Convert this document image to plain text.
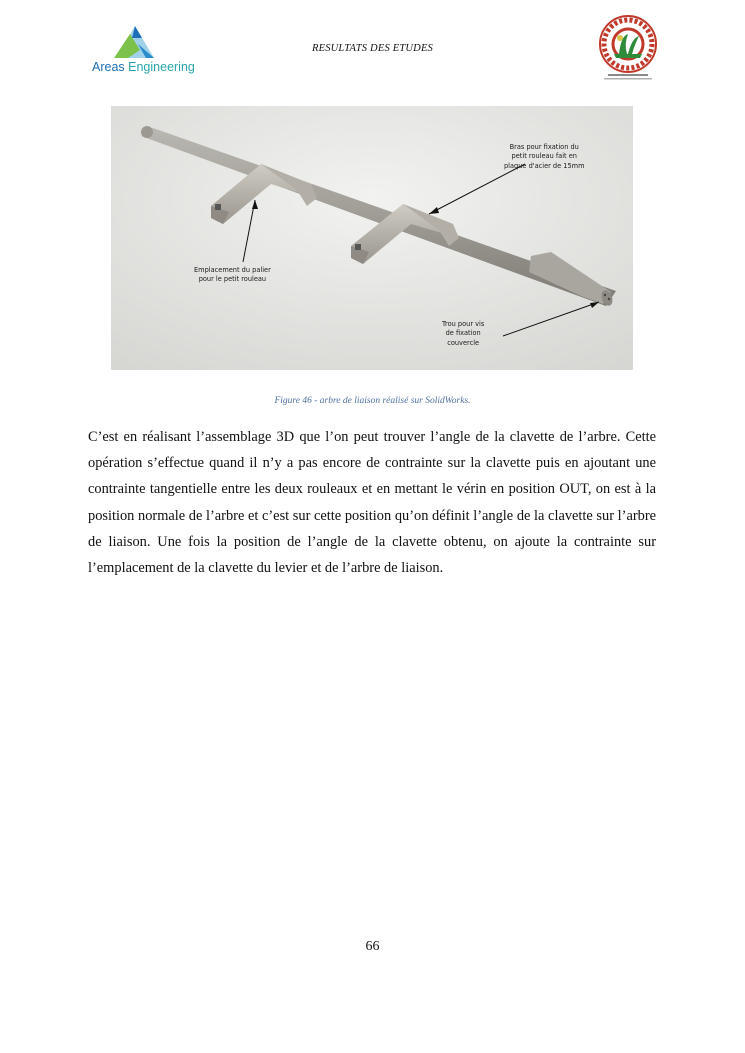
Areas Engineering
RESULTATS DES ETUDES
Bras pour fixation du
petit rouleau fait en
plaque d'acier de 15mm
Emplacement du palier
pour le petit rouleau
Trou pour vis
de fixation
couvercle
Figure 46 - arbre de liaison réalisé sur SolidWorks.

C’est en réalisant l’assemblage 3D que l’on peut trouver l’angle de la clavette de l’arbre. Cette opération s’effectue quand il n’y a pas encore de contrainte sur la clavette puis en ajoutant une contrainte tangentielle entre les deux rouleaux et en mettant le vérin en position OUT, on est à la position normale de l’arbre et c’est sur cette position qu’on définit l’angle de la clavette sur l’arbre de liaison. Une fois la position de l’angle de la clavette obtenu, on ajoute la contrainte sur l’emplacement de la clavette du levier et de l’arbre de liaison.

66
